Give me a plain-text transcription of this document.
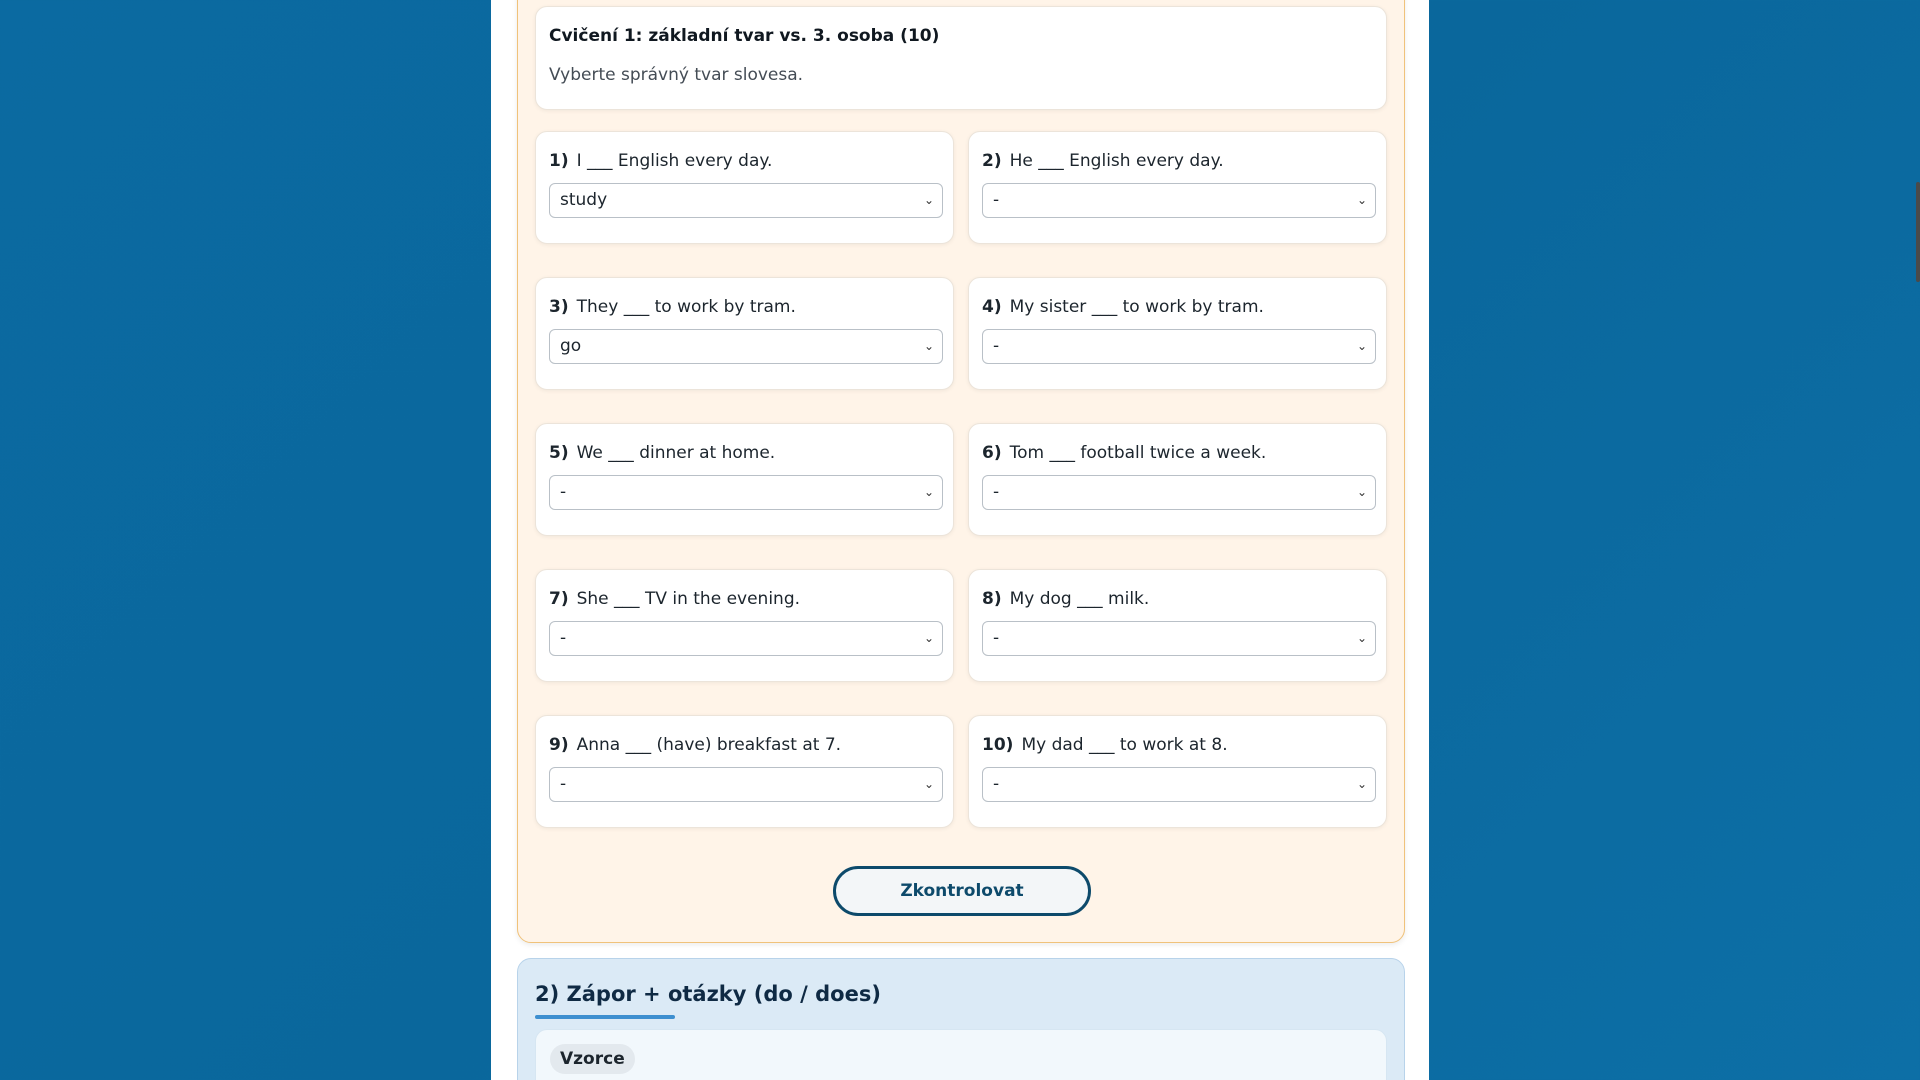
Cvičení 1: základní tvar vs. 3. osoba (10)
Vyberte správný tvar slovesa.
1) I ___ English every day.
study	⌄
2) He ___ English every day.
-	⌄
3) They ___ to work by tram.
go	⌄
4) My sister ___ to work by tram.
-	⌄
5) We ___ dinner at home.
-	⌄
6) Tom ___ football twice a week.
-	⌄
7) She ___ TV in the evening.
-	⌄
8) My dog ___ milk.
-	⌄
9) Anna ___ (have) breakfast at 7.
-	⌄
10) My dad ___ to work at 8.
-	⌄
Zkontrolovat
2) Zápor + otázky (do / does)
Vzorce
